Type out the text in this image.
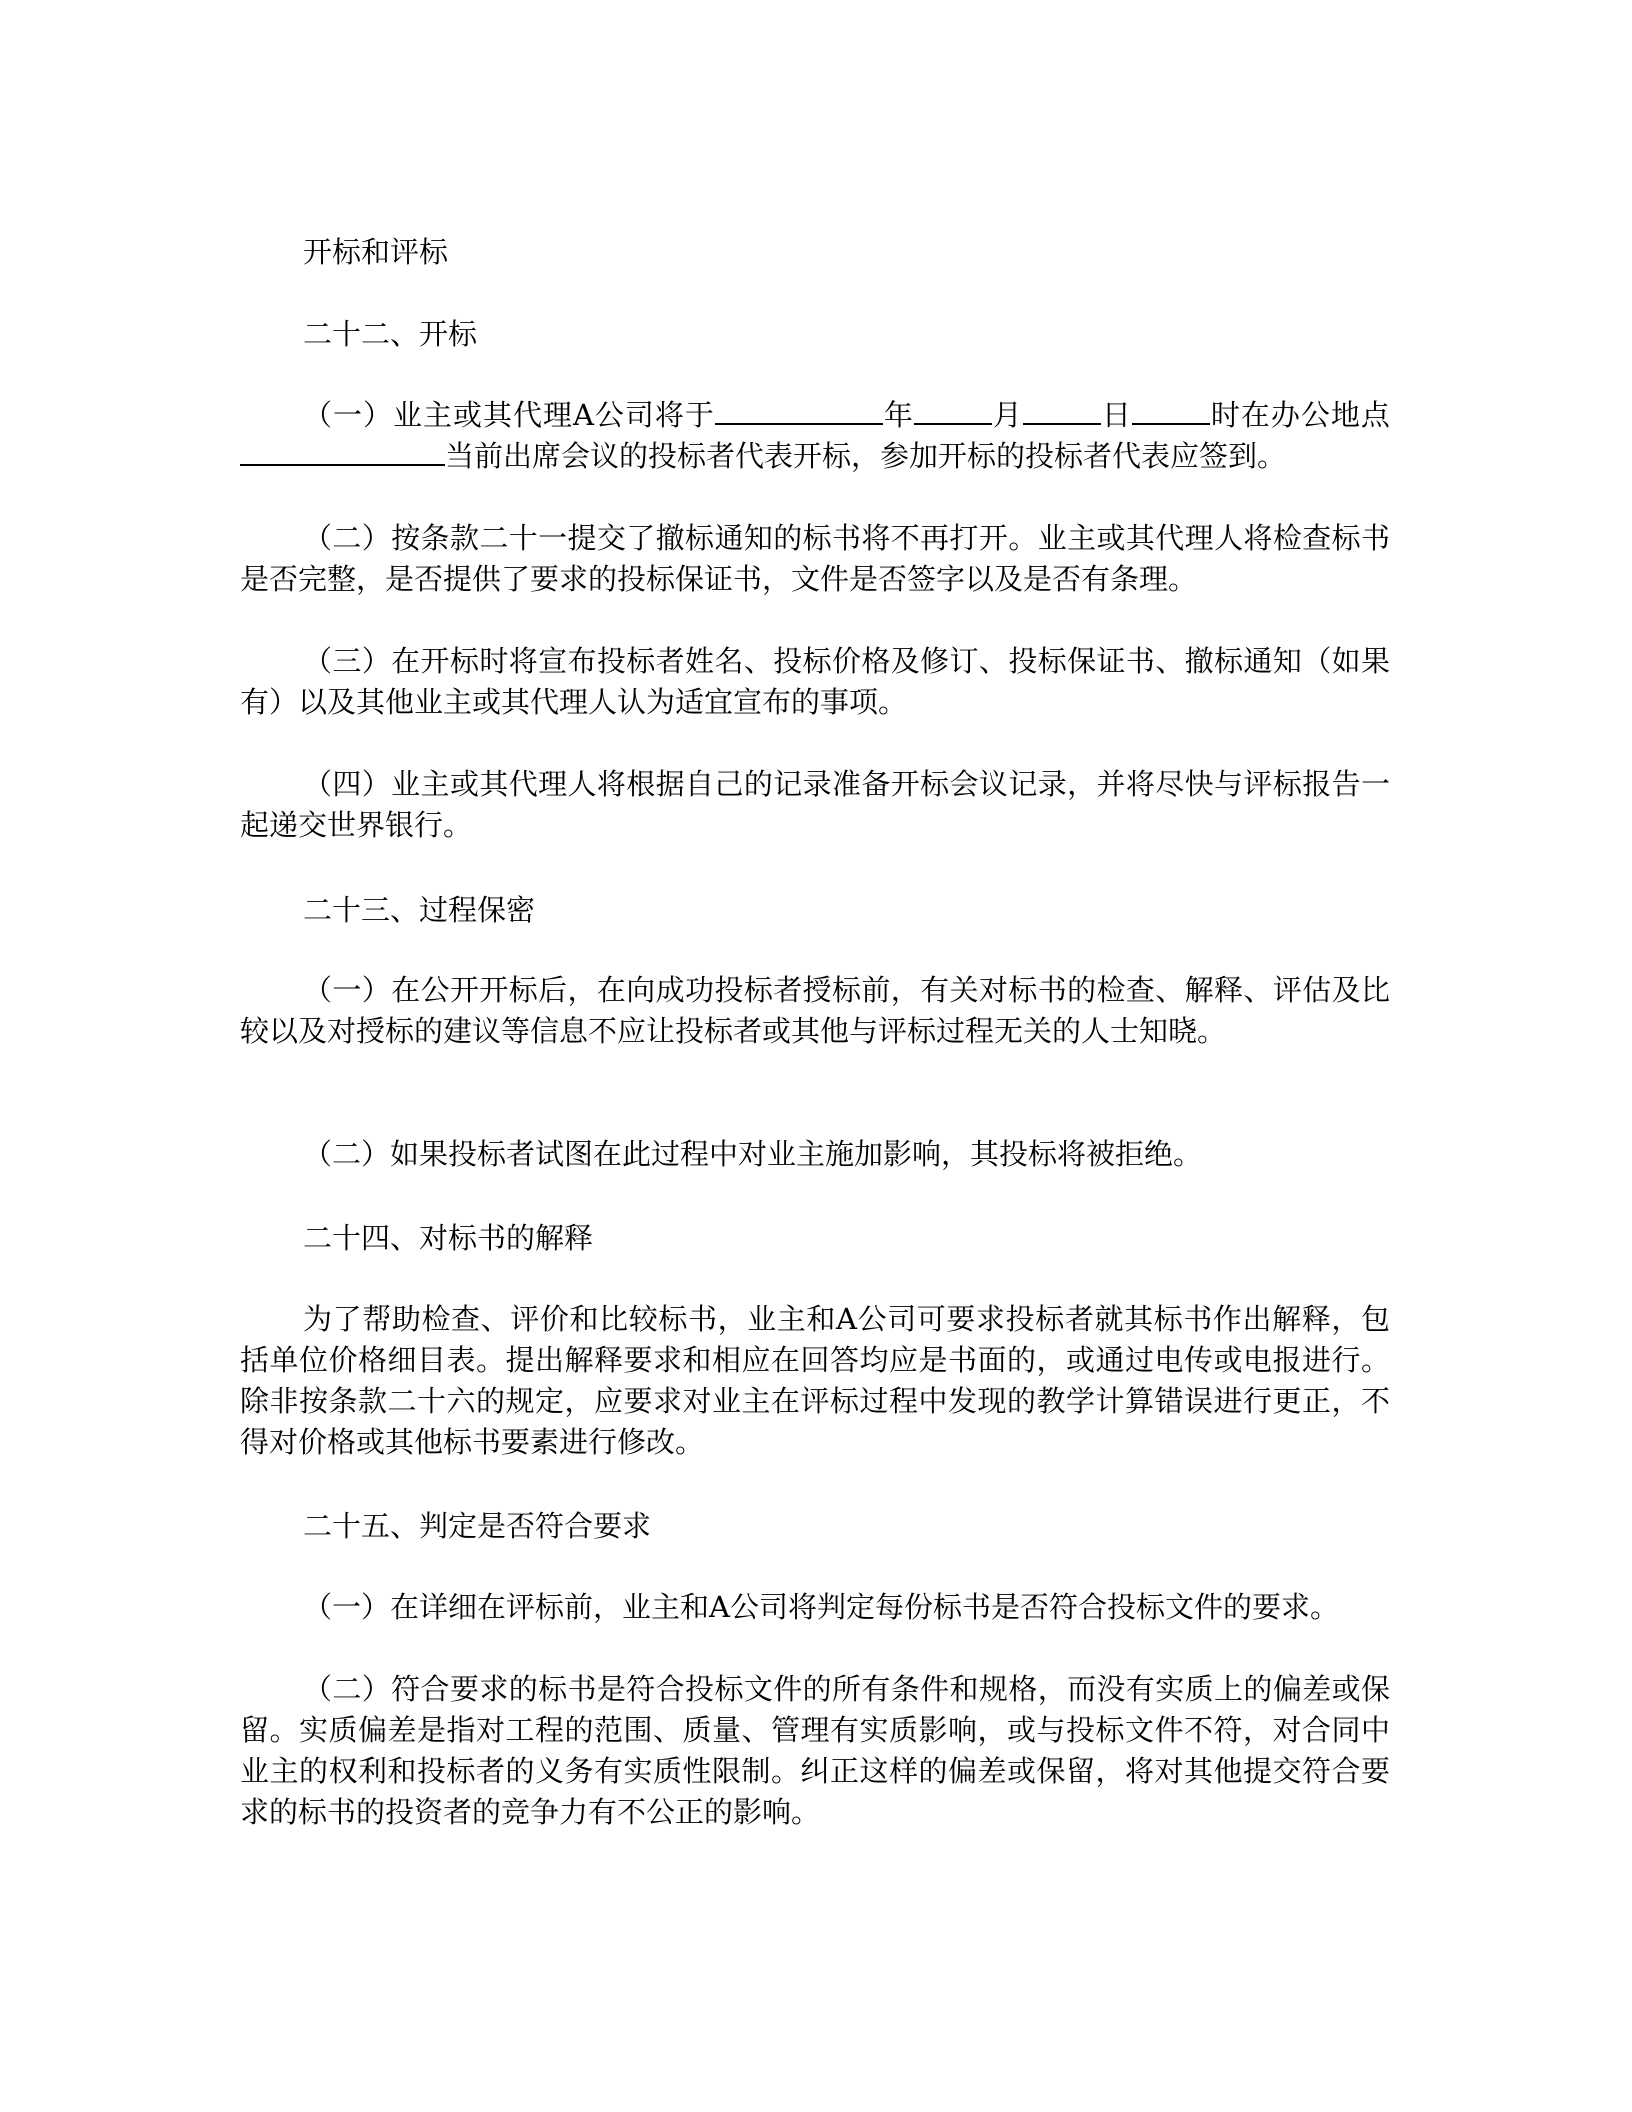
开标和评标
二十二、开标
（一）业主或其代理A公司将于	年	月	日	时在办公地点当前出席会议的投标者代表开标，参加开标的投标者代表应签到。
（二）按条款二十一提交了撤标通知的标书将不再打开。业主或其代理人将检查标书是否完整，是否提供了要求的投标保证书，文件是否签字以及是否有条理。
（三）在开标时将宣布投标者姓名、投标价格及修订、投标保证书、撤标通知（如果有）以及其他业主或其代理人认为适宜宣布的事项。
（四）业主或其代理人将根据自己的记录准备开标会议记录，并将尽快与评标报告一起递交世界银行。
二十三、过程保密
（一）在公开开标后，在向成功投标者授标前，有关对标书的检查、解释、评估及比较以及对授标的建议等信息不应让投标者或其他与评标过程无关的人士知晓。
（二）如果投标者试图在此过程中对业主施加影响，其投标将被拒绝。
二十四、对标书的解释
为了帮助检查、评价和比较标书，业主和A公司可要求投标者就其标书作出解释，包括单位价格细目表。提出解释要求和相应在回答均应是书面的，或通过电传或电报进行。除非按条款二十六的规定，应要求对业主在评标过程中发现的教学计算错误进行更正，不得对价格或其他标书要素进行修改。
二十五、判定是否符合要求
（一）在详细在评标前，业主和A公司将判定每份标书是否符合投标文件的要求。
（二）符合要求的标书是符合投标文件的所有条件和规格，而没有实质上的偏差或保留。实质偏差是指对工程的范围、质量、管理有实质影响，或与投标文件不符，对合同中业主的权利和投标者的义务有实质性限制。纠正这样的偏差或保留，将对其他提交符合要求的标书的投资者的竞争力有不公正的影响。
